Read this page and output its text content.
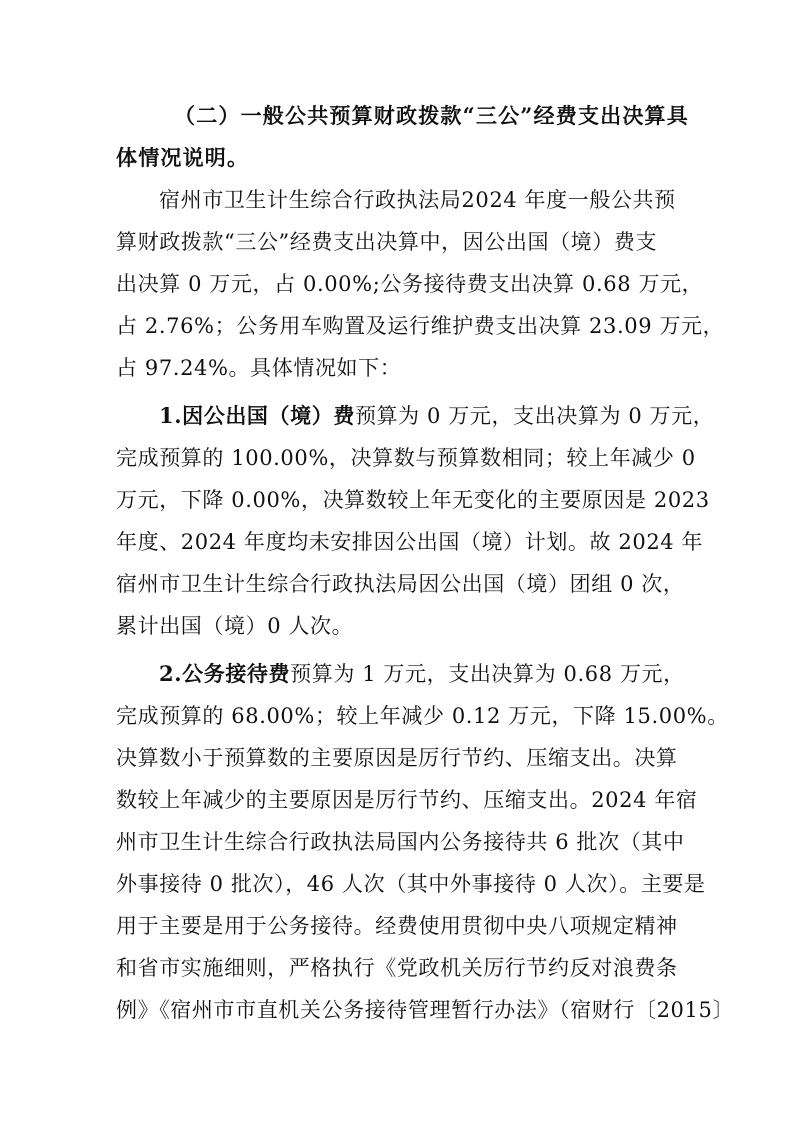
（二）一般公共预算财政拨款“三公”经费支出决算具
体情况说明。
宿州市卫生计生综合行政执法局2024 年度一般公共预
算财政拨款“三公”经费支出决算中，因公出国（境）费支
出决算 0 万元，占 0.00%;公务接待费支出决算 0.68 万元，
占 2.76%；公务用车购置及运行维护费支出决算 23.09 万元，
占 97.24%。具体情况如下：
1.因公出国（境）费预算为 0 万元，支出决算为 0 万元，
完成预算的 100.00%，决算数与预算数相同；较上年减少 0
万元，下降 0.00%，决算数较上年无变化的主要原因是 2023
年度、2024 年度均未安排因公出国（境）计划。故 2024 年
宿州市卫生计生综合行政执法局因公出国（境）团组 0 次，
累计出国（境）0 人次。
2.公务接待费预算为 1 万元，支出决算为 0.68 万元，
完成预算的 68.00%；较上年减少 0.12 万元，下降 15.00%。
决算数小于预算数的主要原因是厉行节约、压缩支出。决算
数较上年减少的主要原因是厉行节约、压缩支出。2024 年宿
州市卫生计生综合行政执法局国内公务接待共 6 批次（其中
外事接待 0 批次），46 人次（其中外事接待 0 人次）。主要是
用于主要是用于公务接待。经费使用贯彻中央八项规定精神
和省市实施细则，严格执行《党政机关厉行节约反对浪费条
例》《宿州市市直机关公务接待管理暂行办法》（宿财行〔2015〕
